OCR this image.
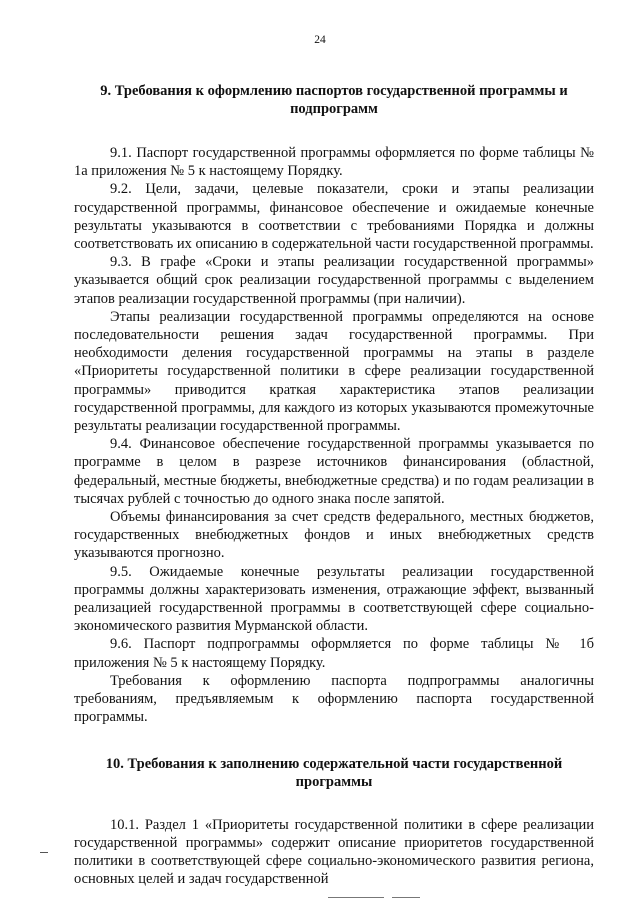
24
9. Требования к оформлению паспортов государственной программы и подпрограмм

9.1. Паспорт государственной программы оформляется по форме таблицы № 1а приложения № 5 к настоящему Порядку.

9.2. Цели, задачи, целевые показатели, сроки и этапы реализации государственной программы, финансовое обеспечение и ожидаемые конечные результаты указываются в соответствии с требованиями Порядка и должны соответствовать их описанию в содержательной части государственной программы.

9.3. В графе «Сроки и этапы реализации государственной программы» указывается общий срок реализации государственной программы с выделением этапов реализации государственной программы (при наличии).

Этапы реализации государственной программы определяются на основе последовательности решения задач государственной программы. При необходимости деления государственной программы на этапы в разделе «Приоритеты государственной политики в сфере реализации государственной программы» приводится краткая характеристика этапов реализации государственной программы, для каждого из которых указываются промежуточные результаты реализации государственной программы.

9.4. Финансовое обеспечение государственной программы указывается по программе в целом в разрезе источников финансирования (областной, федеральный, местные бюджеты, внебюджетные средства) и по годам реализации в тысячах рублей с точностью до одного знака после запятой.

Объемы финансирования за счет средств федерального, местных бюджетов, государственных внебюджетных фондов и иных внебюджетных средств указываются прогнозно.

9.5. Ожидаемые конечные результаты реализации государственной программы должны характеризовать изменения, отражающие эффект, вызванный реализацией государственной программы в соответствующей сфере социально-экономического развития Мурманской области.

9.6. Паспорт подпрограммы оформляется по форме таблицы № 1б приложения № 5 к настоящему Порядку.

Требования к оформлению паспорта подпрограммы аналогичны требованиям, предъявляемым к оформлению паспорта государственной программы.

10. Требования к заполнению содержательной части государственной программы

10.1. Раздел 1 «Приоритеты государственной политики в сфере реализации государственной программы» содержит описание приоритетов государственной политики в соответствующей сфере социально-экономического развития региона, основных целей и задач государственной
